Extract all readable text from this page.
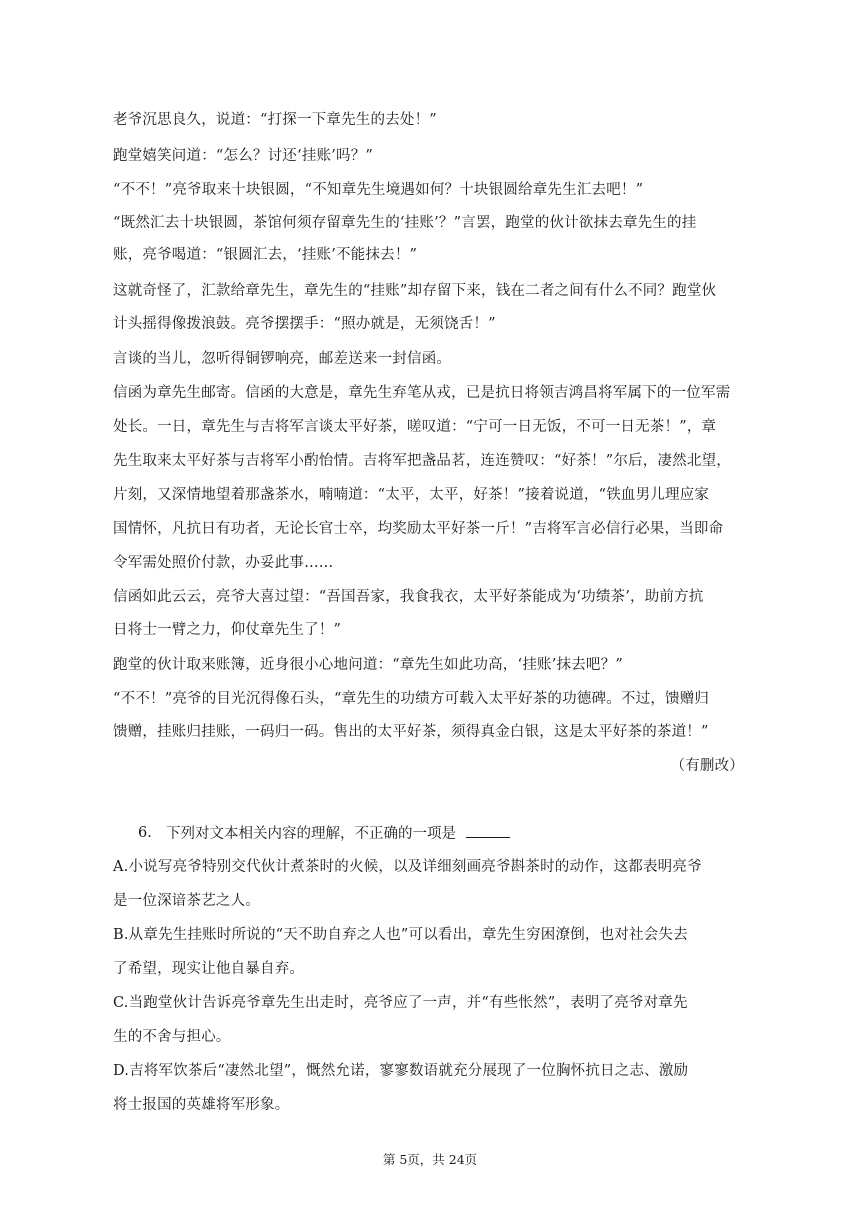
老爷沉思良久，说道：“打探一下章先生的去处！”
跑堂嬉笑问道：“怎么？讨还‘挂账’吗？”
“不不！”亮爷取来十块银圆，“不知章先生境遇如何？十块银圆给章先生汇去吧！”
“既然汇去十块银圆，茶馆何须存留章先生的‘挂账’？”言罢，跑堂的伙计欲抹去章先生的挂
账，亮爷喝道：“银圆汇去，‘挂账’不能抹去！”
这就奇怪了，汇款给章先生，章先生的“挂账”却存留下来，钱在二者之间有什么不同？跑堂伙
计头摇得像拨浪鼓。亮爷摆摆手：“照办就是，无须饶舌！”
言谈的当儿，忽听得铜锣响亮，邮差送来一封信函。
信函为章先生邮寄。信函的大意是，章先生弃笔从戎，已是抗日将领吉鸿昌将军属下的一位军需
处长。一日，章先生与吉将军言谈太平好茶，嗟叹道：“宁可一日无饭，不可一日无茶！”，章
先生取来太平好茶与吉将军小酌怡情。吉将军把盏品茗，连连赞叹：“好茶！”尔后，凄然北望，
片刻，又深情地望着那盏茶水，喃喃道：“太平，太平，好茶！”接着说道，“铁血男儿理应家
国情怀，凡抗日有功者，无论长官士卒，均奖励太平好茶一斤！”吉将军言必信行必果，当即命
令军需处照价付款，办妥此事……
信函如此云云，亮爷大喜过望：“吾国吾家，我食我衣，太平好茶能成为‘功绩茶’，助前方抗
日将士一臂之力，仰仗章先生了！”
跑堂的伙计取来账簿，近身很小心地问道：“章先生如此功高，‘挂账’抹去吧？”
“不不！”亮爷的目光沉得像石头，“章先生的功绩方可载入太平好茶的功德碑。不过，馈赠归
馈赠，挂账归挂账，一码归一码。售出的太平好茶，须得真金白银，这是太平好茶的茶道！”
（有删改）
6. 下列对文本相关内容的理解，不正确的一项是
A.小说写亮爷特别交代伙计煮茶时的火候，以及详细刻画亮爷斟茶时的动作，这都表明亮爷
是一位深谙茶艺之人。
B.从章先生挂账时所说的“天不助自弃之人也”可以看出，章先生穷困潦倒，也对社会失去
了希望，现实让他自暴自弃。
C.当跑堂伙计告诉亮爷章先生出走时，亮爷应了一声，并“有些怅然”，表明了亮爷对章先
生的不舍与担心。
D.吉将军饮茶后“凄然北望”，慨然允诺，寥寥数语就充分展现了一位胸怀抗日之志、激励
将士报国的英雄将军形象。
第 5页，共 24页
